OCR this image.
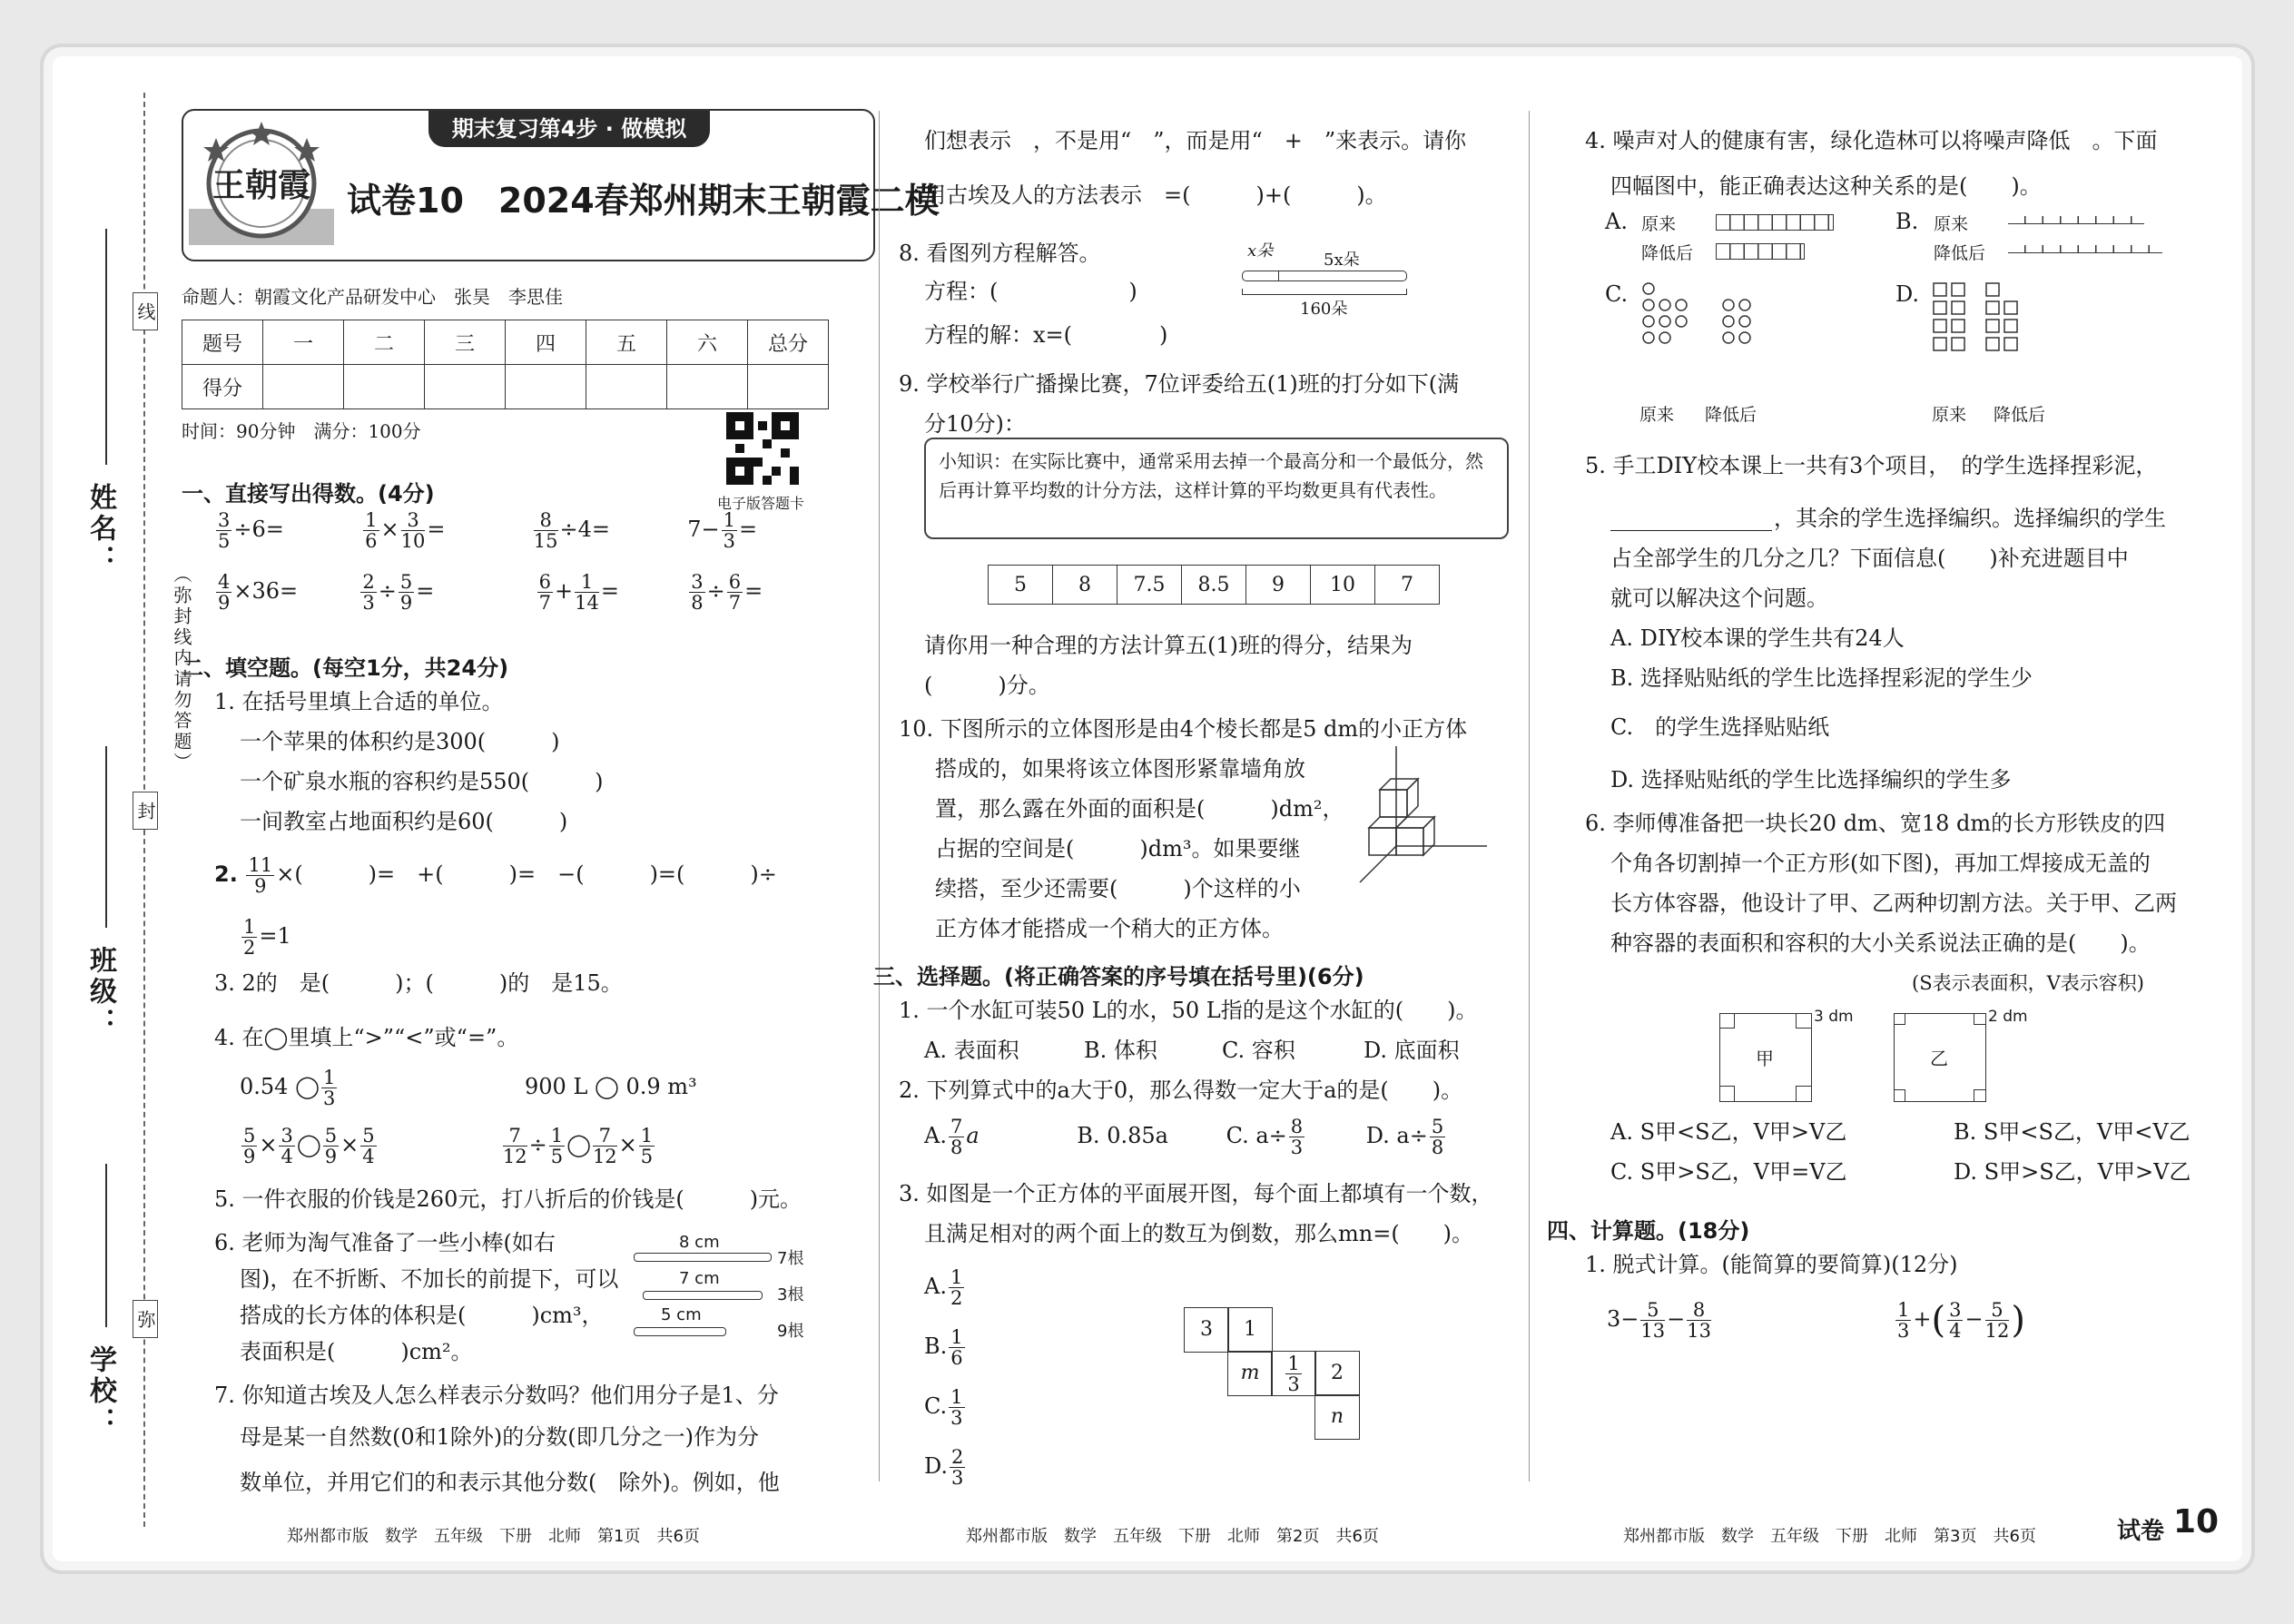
姓名：
班级：
学校：
线
封
弥
（弥封线内请勿答题）
期末复习第4步 · 做模拟
王朝霞 试卷10　2024春郑州期末王朝霞二模
命题人：朝霞文化产品研发中心　张昊　李思佳
题号	一	二	三	四	五	六	总分
得分							
时间：90分钟　满分：100分
电子版答题卡
一、直接写出得数。(4分)
$\frac{3}{5} \div 6=$	$\frac{1}{6} \times \frac{3}{10}$ =	$\frac{8}{15} \div 4=$	$7- \frac{1}{3}$ =
$\frac{4}{9} \times 36=$	$\frac{2}{3} \div \frac{5}{9}$ =	$\frac{6}{7} + \frac{1}{14}$ =	$\frac{3}{8} \div \frac{6}{7}$ =
二、填空题。(每空1分，共24分)
1. 在括号里填上合适的单位。
一个苹果的体积约是300(　　　)
一个矿泉水瓶的容积约是550(　　　)
一间教室占地面积约是60(　　　)
2. $\frac{11}{9}$ ×(　　　)=　+(　　　)=　−(　　　)=(　　　)÷
$\frac{1}{2} =1$
3. 2的　是(　　　)；(　　　)的　是15。
4. 在◯里填上“>”“<”或“=”。
0.54 ◯ $\frac{1}{3}$	900 L ◯ 0.9 m³
$\frac{5}{9} \times \frac{3}{4}$ ◯ $\frac{5}{9} \times \frac{5}{4}$
	$\frac{7}{12} \div \frac{1}{5}$ ◯ $\frac{7}{12} \times \frac{1}{5}$
5. 一件衣服的价钱是260元，打八折后的价钱是(　　　)元。
6. 老师为淘气准备了一些小棒(如右
图)，在不折断、不加长的前提下，可以
搭成的长方体的体积是(　　　)cm³，
表面积是(　　　)cm²。
8 cm
7根
7 cm
3根
5 cm
9根
7. 你知道古埃及人怎么样表示分数吗？他们用分子是1、分
母是某一自然数(0和1除外)的分数(即几分之一)作为分
数单位，并用它们的和表示其他分数(　除外)。例如，他
们想表示　，不是用“　”，而是用“　+　”来表示。请你
用古埃及人的方法表示　=(　　　)+(　　　)。
8. 看图列方程解答。
方程：(　　　　　　)
方程的解：x=(　　　　)
x朵	5x朵
160朵
9. 学校举行广播操比赛，7位评委给五(1)班的打分如下(满
分10分)：
小知识：在实际比赛中，通常采用去掉一个最高分和一个最低分，然后再计算平均数的计分方法，这样计算的平均数更具有代表性。
5	8	7.5	8.5	9	10	7
请你用一种合理的方法计算五(1)班的得分，结果为
(　　　)分。
10. 下图所示的立体图形是由4个棱长都是5 dm的小正方体
搭成的，如果将该立体图形紧靠墙角放
置，那么露在外面的面积是(　　　)dm²，
占据的空间是(　　　)dm³。如果要继
续搭，至少还需要(　　　)个这样的小
正方体才能搭成一个稍大的正方体。
三、选择题。(将正确答案的序号填在括号里)(6分)
1. 一个水缸可装50 L的水，50 L指的是这个水缸的(　　)。
A. 表面积	B. 体积	C. 容积	D. 底面积
2. 下列算式中的a大于0，那么得数一定大于a的是(　　)。
A. $\frac{7}{8}$ a	B. 0.85a	C. $a\div \frac{8}{3}$	D. $a\div \frac{5}{8}$
3. 如图是一个正方体的平面展开图，每个面上都填有一个数，
且满足相对的两个面上的数互为倒数，那么mn=(　　)。
A. $\frac{1}{2}$
B. $\frac{1}{6}$
C. $\frac{1}{3}$
D. $\frac{2}{3}$
3	1
m	$\frac{1}{3}$	2
n
4. 噪声对人的健康有害，绿化造林可以将噪声降低　。下面
四幅图中，能正确表达这种关系的是(　　)。
A. 原来
降低后
B. 原来
降低后
C.
原来 降低后
D.
原来 降低后
5. 手工DIY校本课上一共有3个项目，　的学生选择捏彩泥，
，其余的学生选择编织。选择编织的学生
占全部学生的几分之几？下面信息(　　)补充进题目中
就可以解决这个问题。
A. DIY校本课的学生共有24人
B. 选择贴贴纸的学生比选择捏彩泥的学生少
C.　的学生选择贴贴纸
D. 选择贴贴纸的学生比选择编织的学生多
6. 李师傅准备把一块长20 dm、宽18 dm的长方形铁皮的四
个角各切割掉一个正方形(如下图)，再加工焊接成无盖的
长方体容器，他设计了甲、乙两种切割方法。关于甲、乙两
种容器的表面积和容积的大小关系说法正确的是(　　)。
(S表示表面积，V表示容积)
甲
3 dm
乙
2 dm
A. S甲<S乙，V甲>V乙	B. S甲<S乙，V甲<V乙
C. S甲>S乙，V甲=V乙	D. S甲>S乙，V甲>V乙
四、计算题。(18分)
1. 脱式计算。(能简算的要简算)(12分)
$3- \frac{5}{13} - \frac{8}{13}$	$\frac{1}{3}$ +( $\frac{3}{4} - \frac{5}{12}$ )
郑州都市版　数学　五年级　下册　北师　第1页　共6页	郑州都市版　数学　五年级　下册　北师　第2页　共6页	郑州都市版　数学　五年级　下册　北师　第3页　共6页	试卷 10
